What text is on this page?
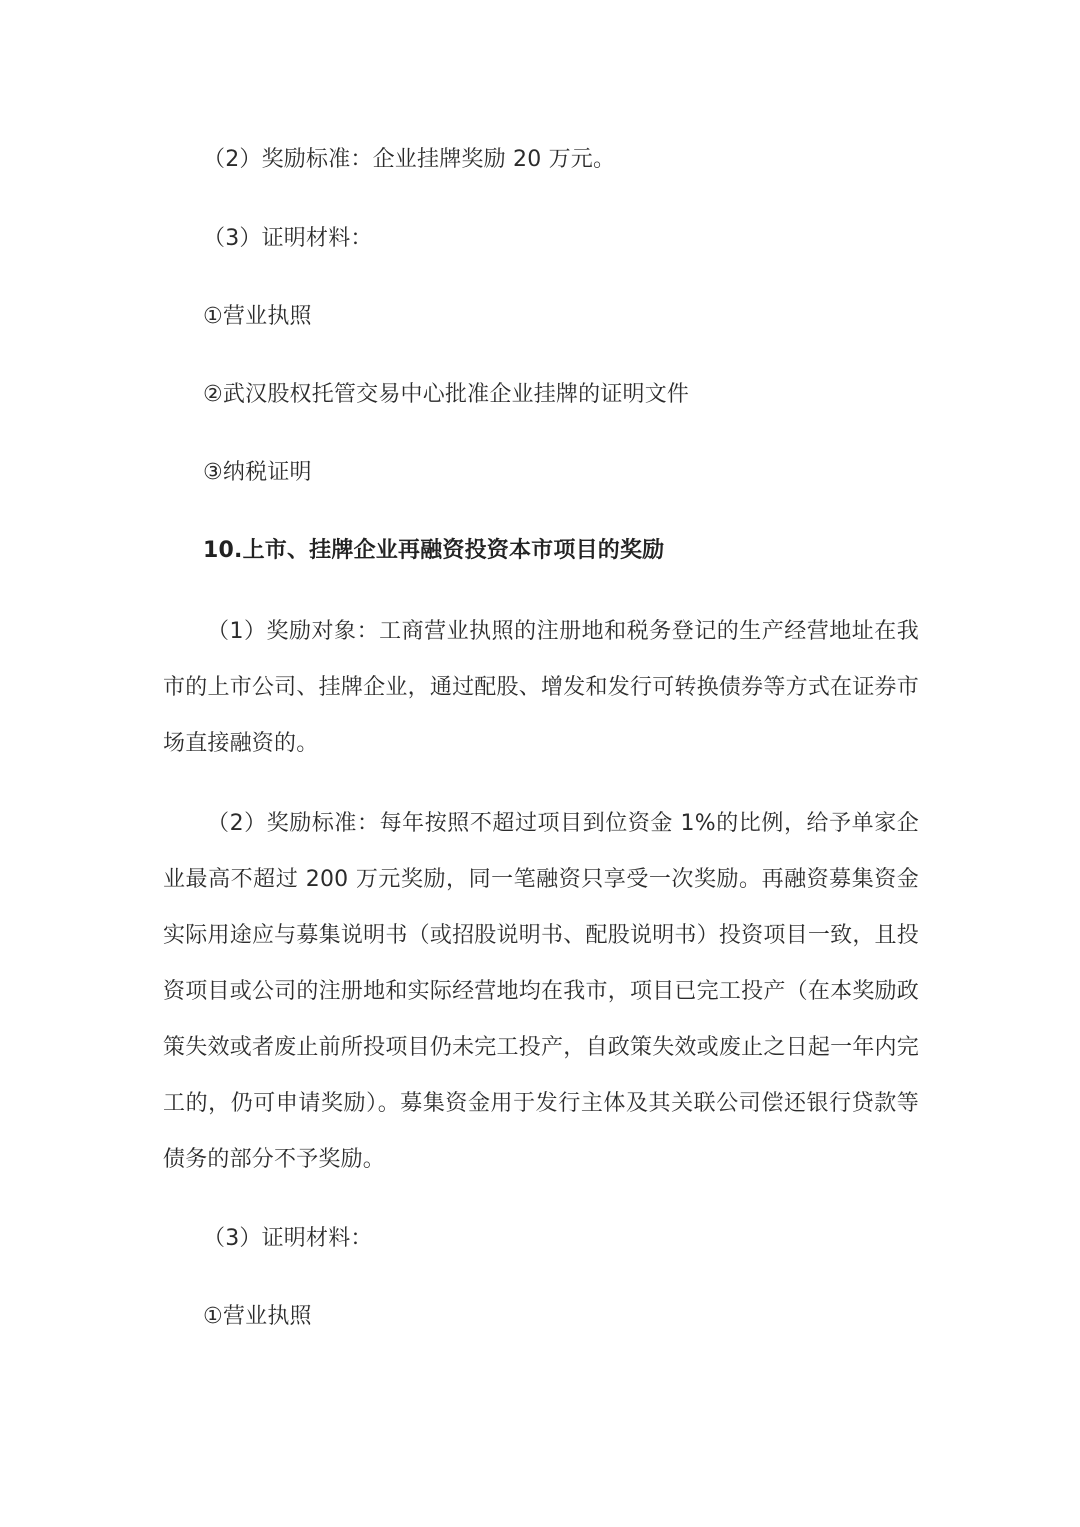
（2）奖励标准：企业挂牌奖励 20 万元。
（3）证明材料：
①营业执照
②武汉股权托管交易中心批准企业挂牌的证明文件
③纳税证明
10.上市、挂牌企业再融资投资本市项目的奖励

（1）奖励对象：工商营业执照的注册地和税务登记的生产经营地址在我市的上市公司、挂牌企业，通过配股、增发和发行可转换债券等方式在证券市场直接融资的。

（2）奖励标准：每年按照不超过项目到位资金 1%的比例，给予单家企业最高不超过 200 万元奖励，同一笔融资只享受一次奖励。再融资募集资金实际用途应与募集说明书（或招股说明书、配股说明书）投资项目一致，且投资项目或公司的注册地和实际经营地均在我市，项目已完工投产（在本奖励政策失效或者废止前所投项目仍未完工投产，自政策失效或废止之日起一年内完工的，仍可申请奖励）。募集资金用于发行主体及其关联公司偿还银行贷款等债务的部分不予奖励。

（3）证明材料：
①营业执照
